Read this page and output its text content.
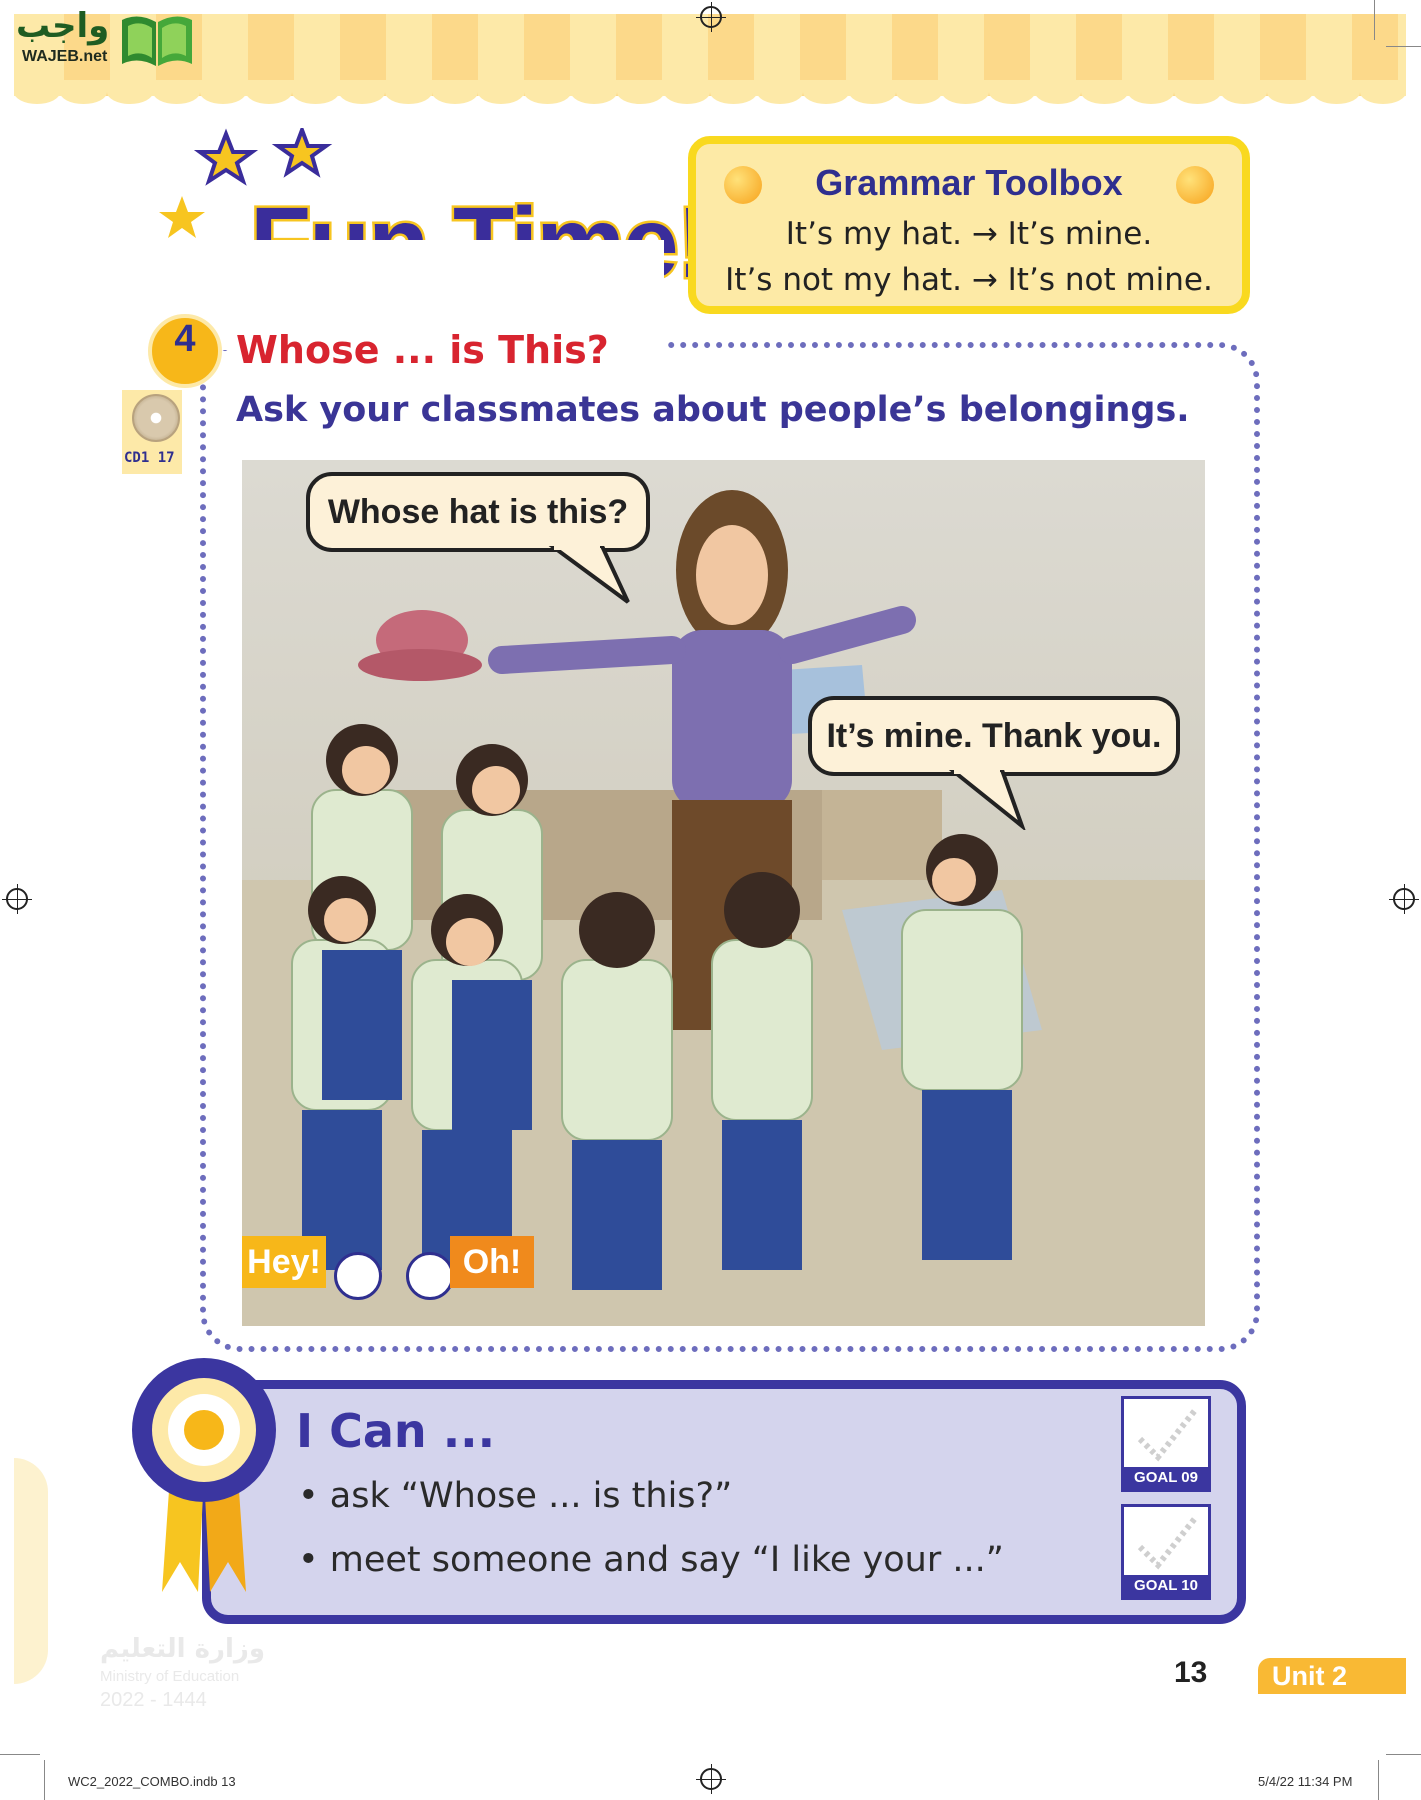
واجب
WAJEB.net
Grammar Toolbox
It’s my hat. → It’s mine.
It’s not my hat. → It’s not mine.
4	Whose ... is This?
Ask your classmates about people’s belongings.
CD1 17
Whose hat is this?
It’s mine. Thank you.
Hey!	Oh!
I Can ...
• ask “Whose ... is this?”
• meet someone and say “I like your ...”
GOAL 09
GOAL 10
وزارة التعليم
Ministry of Education
2022 - 1444
13	Unit 2
WC2_2022_COMBO.indb 13	5/4/22 11:34 PM
